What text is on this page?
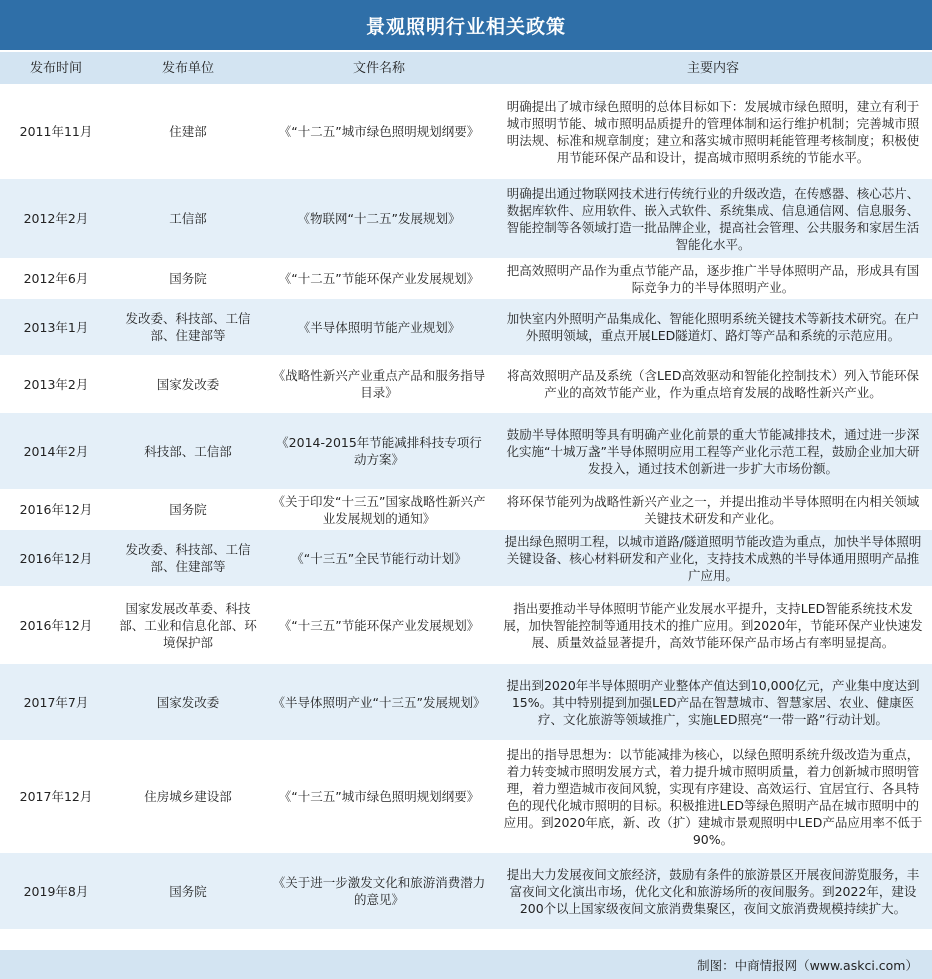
景观照明行业相关政策
发布时间	发布单位	文件名称	主要内容
2011年11月	住建部	《“十二五”城市绿色照明规划纲要》	明确提出了城市绿色照明的总体目标如下：发展城市绿色照明，建立有利于城市照明节能、城市照明品质提升的管理体制和运行维护机制；完善城市照明法规、标准和规章制度；建立和落实城市照明耗能管理考核制度；积极使用节能环保产品和设计，提高城市照明系统的节能水平。
2012年2月	工信部	《物联网“十二五”发展规划》	明确提出通过物联网技术进行传统行业的升级改造，在传感器、核心芯片、数据库软件、应用软件、嵌入式软件、系统集成、信息通信网、信息服务、智能控制等各领域打造一批品牌企业，提高社会管理、公共服务和家居生活智能化水平。
2012年6月	国务院	《“十二五”节能环保产业发展规划》	把高效照明产品作为重点节能产品，逐步推广半导体照明产品，形成具有国际竞争力的半导体照明产业。
2013年1月	发改委、科技部、工信部、住建部等	《半导体照明节能产业规划》	加快室内外照明产品集成化、智能化照明系统关键技术等新技术研究。在户外照明领域，重点开展LED隧道灯、路灯等产品和系统的示范应用。
2013年2月	国家发改委	《战略性新兴产业重点产品和服务指导目录》	将高效照明产品及系统（含LED高效驱动和智能化控制技术）列入节能环保产业的高效节能产业，作为重点培育发展的战略性新兴产业。
2014年2月	科技部、工信部	《2014-2015年节能减排科技专项行动方案》	鼓励半导体照明等具有明确产业化前景的重大节能减排技术，通过进一步深化实施“十城万盏”半导体照明应用工程等产业化示范工程，鼓励企业加大研发投入，通过技术创新进一步扩大市场份额。
2016年12月	国务院	《关于印发“十三五”国家战略性新兴产业发展规划的通知》	将环保节能列为战略性新兴产业之一，并提出推动半导体照明在内相关领域关键技术研发和产业化。
2016年12月	发改委、科技部、工信部、住建部等	《“十三五”全民节能行动计划》	提出绿色照明工程，以城市道路/隧道照明节能改造为重点，加快半导体照明关键设备、核心材料研发和产业化，支持技术成熟的半导体通用照明产品推广应用。
2016年12月	国家发展改革委、科技部、工业和信息化部、环境保护部	《“十三五”节能环保产业发展规划》	指出要推动半导体照明节能产业发展水平提升，支持LED智能系统技术发展，加快智能控制等通用技术的推广应用。到2020年，节能环保产业快速发展、质量效益显著提升，高效节能环保产品市场占有率明显提高。
2017年7月	国家发改委	《半导体照明产业“十三五”发展规划》	提出到2020年半导体照明产业整体产值达到10,000亿元，产业集中度达到15%。其中特别提到加强LED产品在智慧城市、智慧家居、农业、健康医疗、文化旅游等领域推广，实施LED照亮“一带一路”行动计划。
2017年12月	住房城乡建设部	《“十三五”城市绿色照明规划纲要》	提出的指导思想为：以节能减排为核心，以绿色照明系统升级改造为重点，着力转变城市照明发展方式，着力提升城市照明质量，着力创新城市照明管理，着力塑造城市夜间风貌，实现有序建设、高效运行、宜居宜行、各具特色的现代化城市照明的目标。积极推进LED等绿色照明产品在城市照明中的应用。到2020年底，新、改（扩）建城市景观照明中LED产品应用率不低于90%。
2019年8月	国务院	《关于进一步激发文化和旅游消费潜力的意见》	提出大力发展夜间文旅经济，鼓励有条件的旅游景区开展夜间游览服务，丰富夜间文化演出市场，优化文化和旅游场所的夜间服务。到2022年，建设200个以上国家级夜间文旅消费集聚区，夜间文旅消费规模持续扩大。
制图：中商情报网（www.askci.com）
